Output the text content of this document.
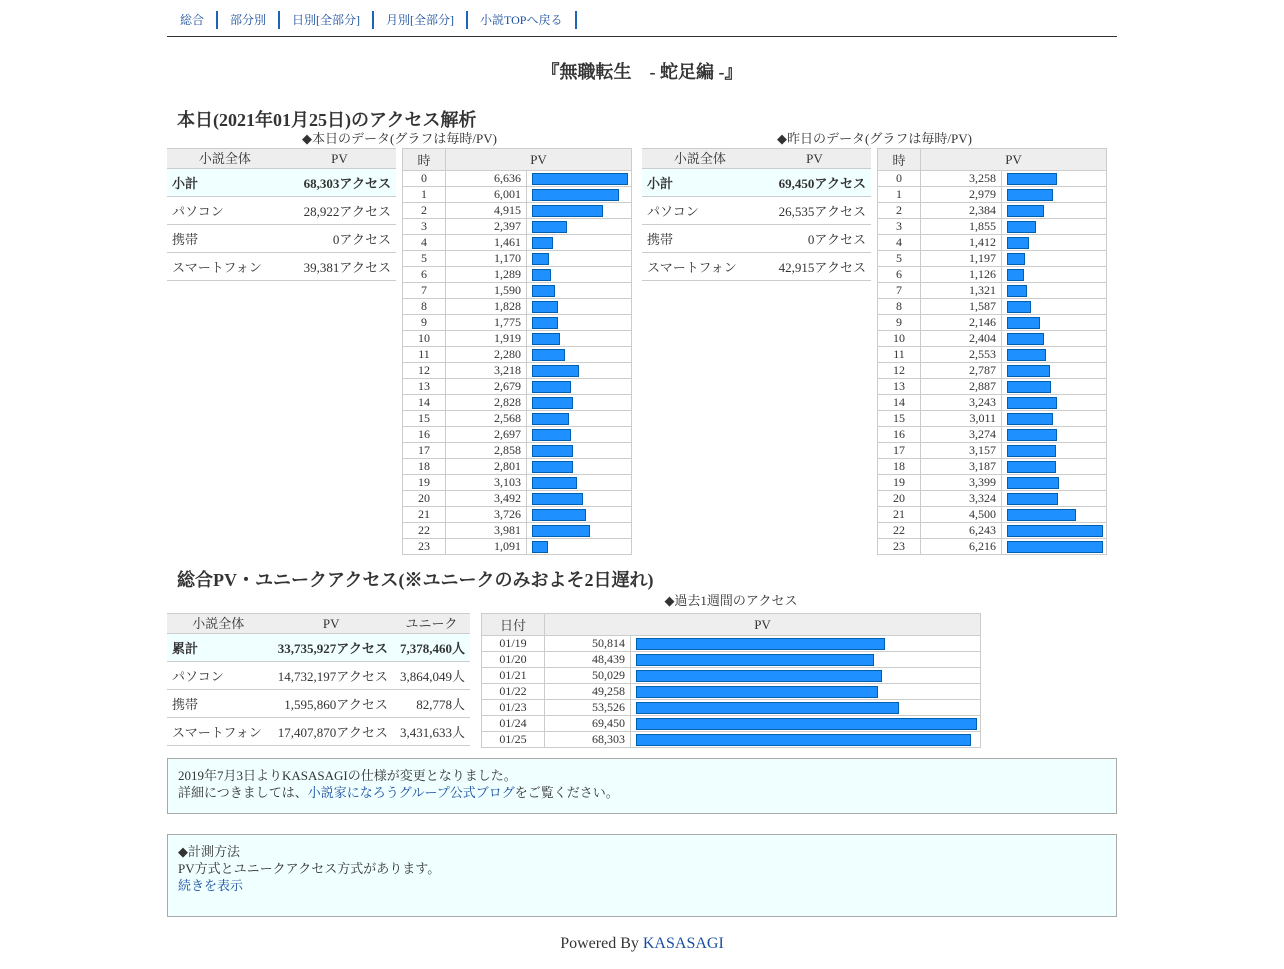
総合	部分別	日別[全部分]	月別[全部分]	小説TOPへ戻る
『無職転生　- 蛇足編 -』
本日(2021年01月25日)のアクセス解析
◆本日のデータ(グラフは毎時/PV)
小説全体	PV
小計	68,303アクセス
パソコン	28,922アクセス
携帯	0アクセス
スマートフォン	39,381アクセス
時	PV	
0	6,636	

1	6,001	

2	4,915	

3	2,397	

4	1,461	

5	1,170	

6	1,289	

7	1,590	

8	1,828	

9	1,775	

10	1,919	

11	2,280	

12	3,218	

13	2,679	

14	2,828	

15	2,568	

16	2,697	

17	2,858	

18	2,801	

19	3,103	

20	3,492	

21	3,726	

22	3,981	

23	1,091	
◆昨日のデータ(グラフは毎時/PV)
小説全体	PV
小計	69,450アクセス
パソコン	26,535アクセス
携帯	0アクセス
スマートフォン	42,915アクセス
時	PV	
0	3,258	

1	2,979	

2	2,384	

3	1,855	

4	1,412	

5	1,197	

6	1,126	

7	1,321	

8	1,587	

9	2,146	

10	2,404	

11	2,553	

12	2,787	

13	2,887	

14	3,243	

15	3,011	

16	3,274	

17	3,157	

18	3,187	

19	3,399	

20	3,324	

21	4,500	

22	6,243	

23	6,216	
総合PV・ユニークアクセス(※ユニークのみおよそ2日遅れ)
小説全体	PV	ユニーク
累計	33,735,927アクセス	7,378,460人
パソコン	14,732,197アクセス	3,864,049人
携帯	1,595,860アクセス	82,778人
スマートフォン	17,407,870アクセス	3,431,633人
◆過去1週間のアクセス
日付	PV	
01/19	50,814	

01/20	48,439	

01/21	50,029	

01/22	49,258	

01/23	53,526	

01/24	69,450	

01/25	68,303	
2019年7月3日よりKASASAGIの仕様が変更となりました。
詳細につきましては、小説家になろうグループ公式ブログをご覧ください。
◆計測方法
PV方式とユニークアクセス方式があります。
続きを表示
Powered By KASASAGI
